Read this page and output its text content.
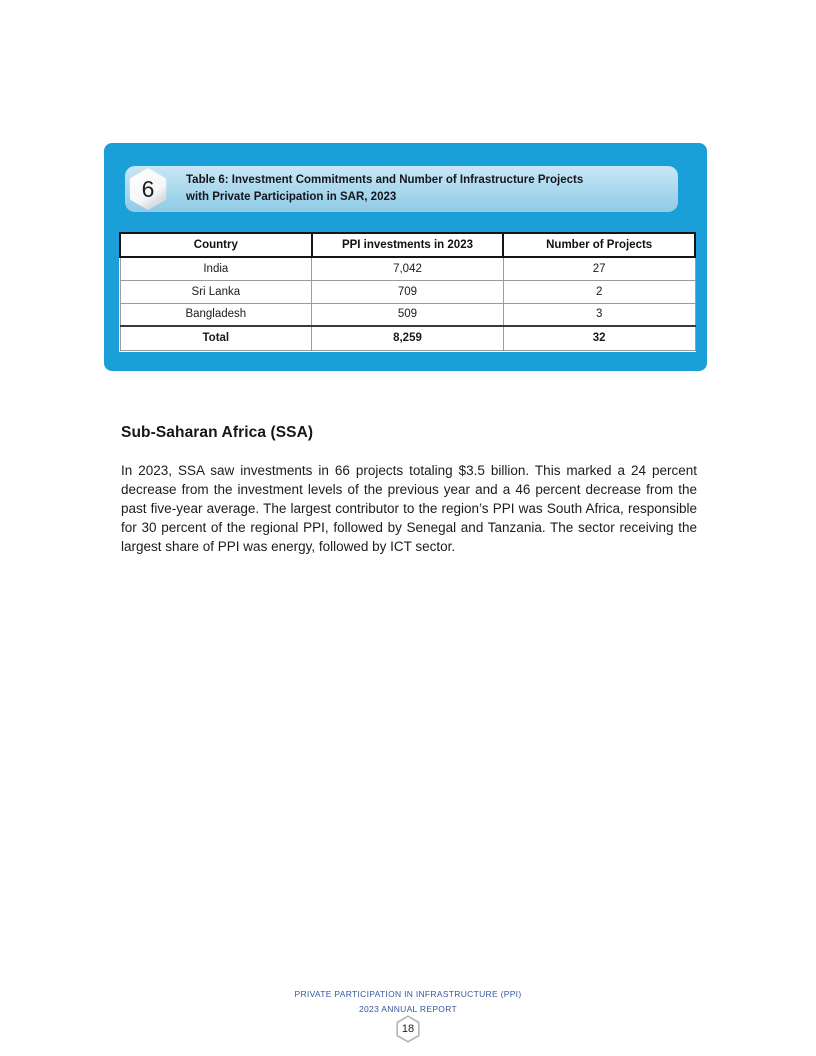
6	Table 6: Investment Commitments and Number of Infrastructure Projects
with Private Participation in SAR, 2023
Country	PPI investments in 2023	Number of Projects
India	7,042	27
Sri Lanka	709	2
Bangladesh	509	3
Total	8,259	32
Sub-Saharan Africa (SSA)
In 2023, SSA saw investments in 66 projects totaling $3.5 billion. This marked a 24 percent decrease from the investment levels of the previous year and a 46 percent decrease from the past five-year average. The largest contributor to the region’s PPI was South Africa, responsible for 30 percent of the regional PPI, followed by Senegal and Tanzania. The sector receiving the largest share of PPI was energy, followed by ICT sector.
PRIVATE PARTICIPATION IN INFRASTRUCTURE (PPI)
2023 ANNUAL REPORT
18
